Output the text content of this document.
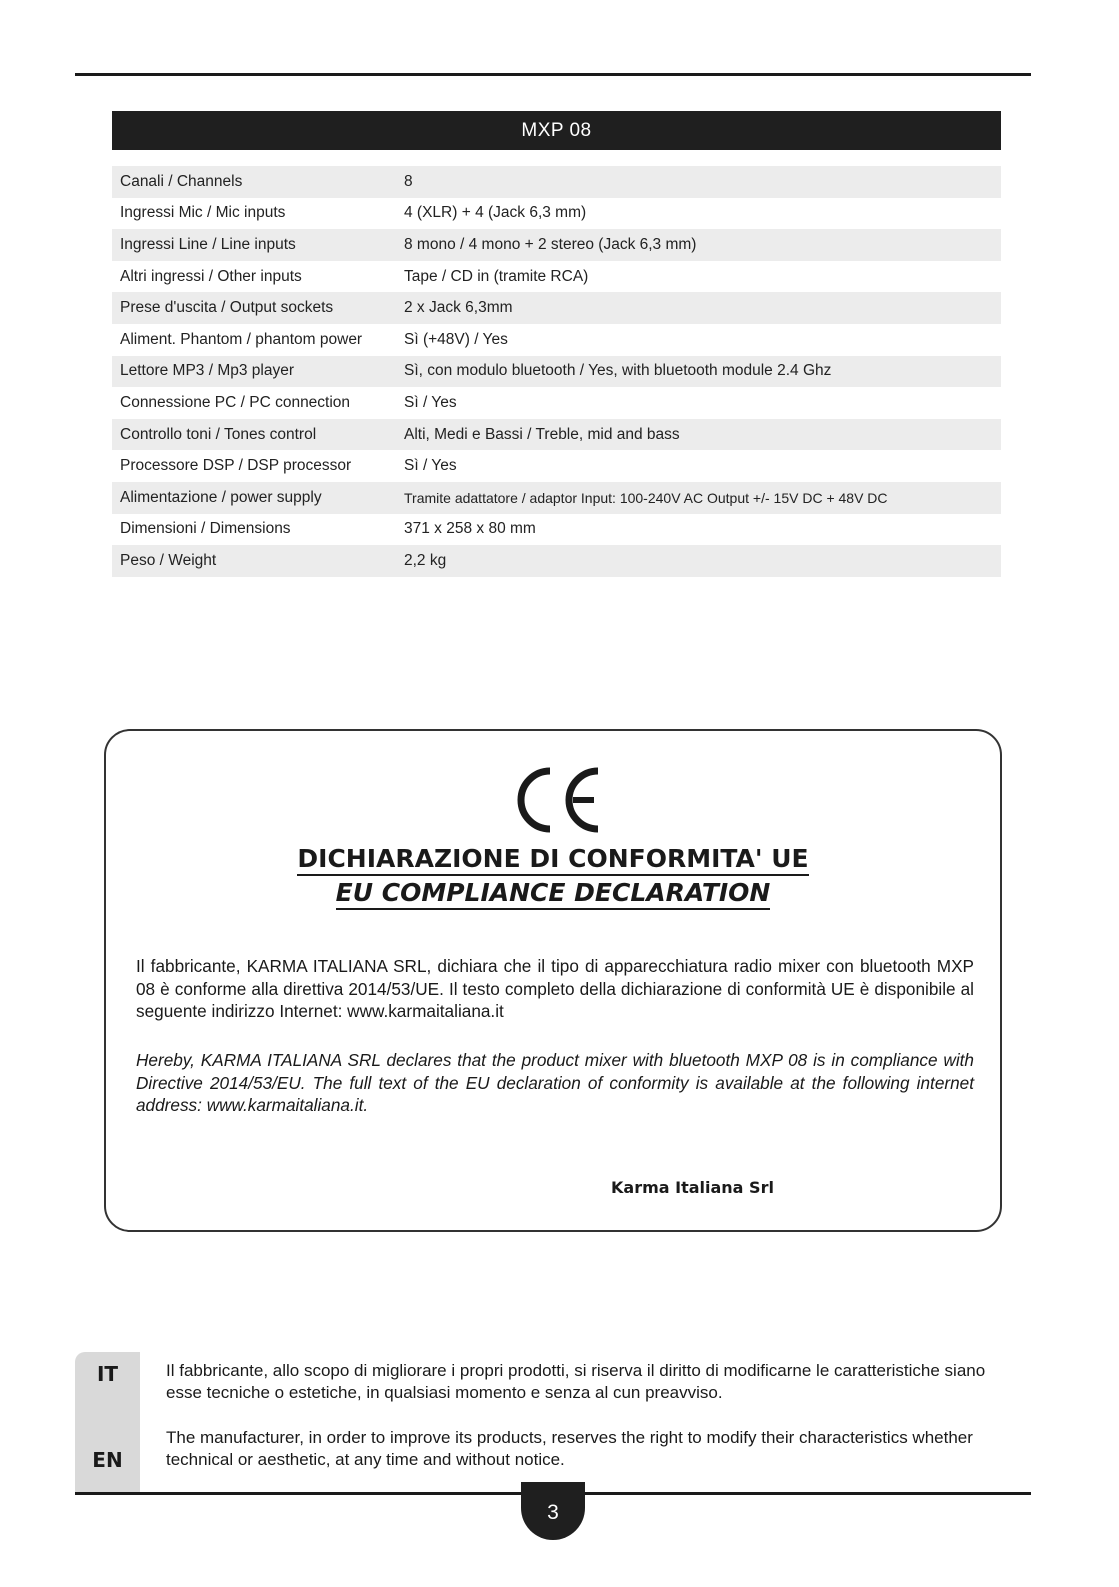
MXP 08
Canali / Channels	8
Ingressi Mic / Mic inputs	4 (XLR) + 4 (Jack 6,3 mm)
Ingressi Line / Line inputs	8 mono / 4 mono + 2 stereo (Jack 6,3 mm)
Altri ingressi / Other inputs	Tape / CD in (tramite RCA)
Prese d'uscita / Output sockets	2 x Jack 6,3mm
Aliment. Phantom / phantom power	Sì (+48V) / Yes
Lettore MP3 / Mp3 player	Sì, con modulo bluetooth / Yes, with bluetooth module 2.4 Ghz
Connessione PC / PC connection	Sì / Yes
Controllo toni / Tones control	Alti, Medi e Bassi / Treble, mid and bass
Processore DSP / DSP processor	Sì / Yes
Alimentazione / power supply	Tramite adattatore / adaptor Input: 100-240V AC Output +/- 15V DC + 48V DC
Dimensioni / Dimensions	371 x 258 x 80 mm
Peso / Weight	2,2 kg
DICHIARAZIONE DI CONFORMITA' UE
EU COMPLIANCE DECLARATION
Il fabbricante, KARMA ITALIANA SRL, dichiara che il tipo di apparecchiatura radio mixer con bluetooth MXP 08 è conforme alla direttiva 2014/53/UE. Il testo completo della dichiarazione di conformità UE è disponibile al seguente indirizzo Internet: www.karmaitaliana.it
Hereby, KARMA ITALIANA SRL declares that the product mixer with bluetooth MXP 08 is in compliance with Directive 2014/53/EU. The full text of the EU declaration of conformity is available at the following internet address: www.karmaitaliana.it.
Karma Italiana Srl
IT
EN
Il fabbricante, allo scopo di migliorare i propri prodotti, si riserva il diritto di modificarne le caratteristiche siano esse tecniche o estetiche, in qualsiasi momento e senza al cun preavviso.
The manufacturer, in order to improve its products, reserves the right to modify their characteristics whether technical or aesthetic, at any time and without notice.
3
